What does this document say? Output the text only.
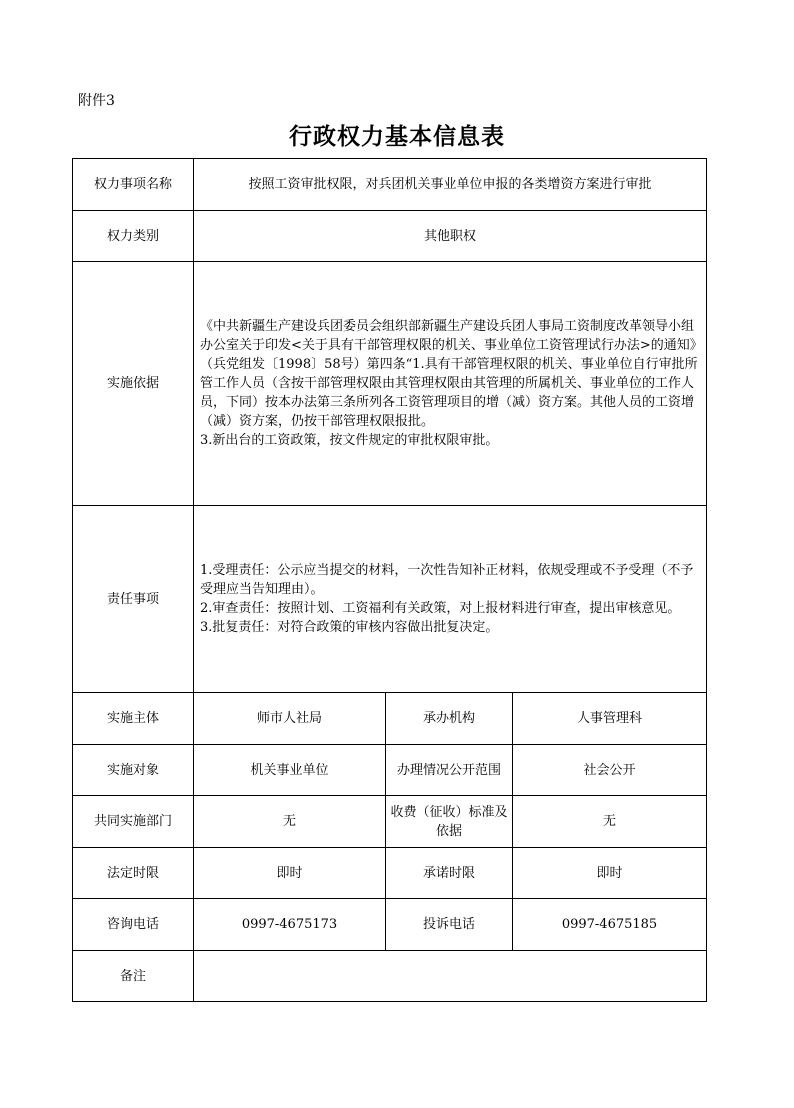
附件3
行政权力基本信息表
权力事项名称	按照工资审批权限，对兵团机关事业单位申报的各类增资方案进行审批		
权力类别	其他职权		
实施依据	《中共新疆生产建设兵团委员会组织部新疆生产建设兵团人事局工资制度改革领导小组办公室关于印发<关于具有干部管理权限的机关、事业单位工资管理试行办法>的通知》（兵党组发〔1998〕58号）第四条“1.具有干部管理权限的机关、事业单位自行审批所管工作人员（含按干部管理权限由其管理权限由其管理的所属机关、事业单位的工作人员，下同）按本办法第三条所列各工资管理项目的增（减）资方案。其他人员的工资增（减）资方案，仍按干部管理权限报批。
3.新出台的工资政策，按文件规定的审批权限审批。		

责任事项	1.受理责任：公示应当提交的材料，一次性告知补正材料，依规受理或不予受理（不予受理应当告知理由）。
2.审查责任：按照计划、工资福利有关政策，对上报材料进行审查，提出审核意见。
3.批复责任：对符合政策的审核内容做出批复决定。		

实施主体	师市人社局	承办机构	人事管理科
实施对象	机关事业单位	办理情况公开范围	社会公开
共同实施部门	无	收费（征收）标准及依据	无
法定时限	即时	承诺时限	即时
咨询电话	0997-4675173	投诉电话	0997-4675185
备注			
